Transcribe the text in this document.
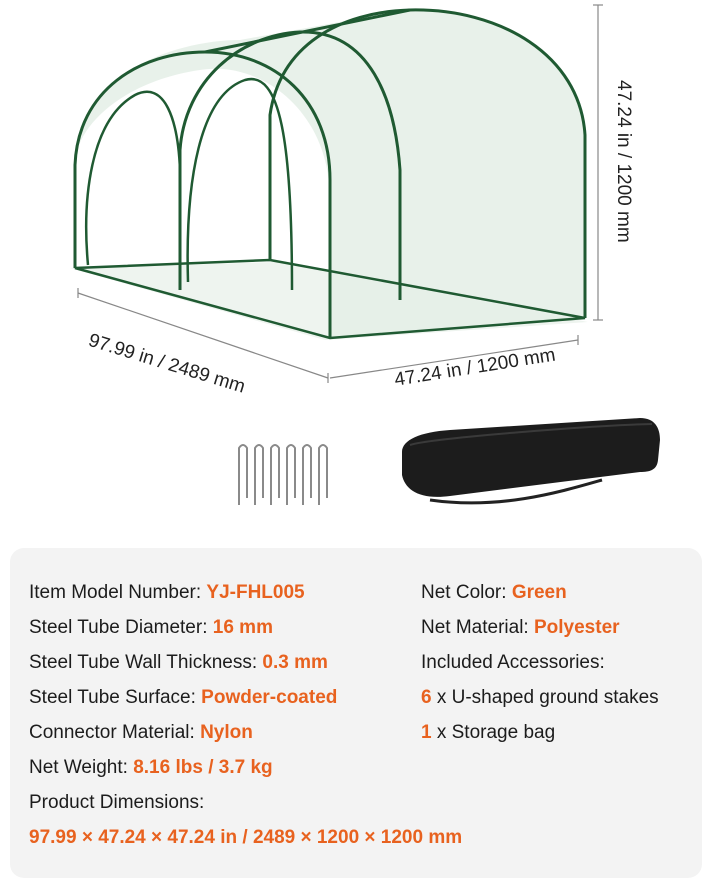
97.99 in / 2489 mm	47.24 in / 1200 mm
47.24 in / 1200 mm
Item Model Number: YJ-FHL005
Steel Tube Diameter: 16 mm
Steel Tube Wall Thickness: 0.3 mm
Steel Tube Surface: Powder-coated
Connector Material: Nylon
Net Weight: 8.16 lbs / 3.7 kg
Product Dimensions:
97.99 × 47.24 × 47.24 in / 2489 × 1200 × 1200 mm
Net Color: Green
Net Material: Polyester
Included Accessories:
6 x U-shaped ground stakes
1 x Storage bag
